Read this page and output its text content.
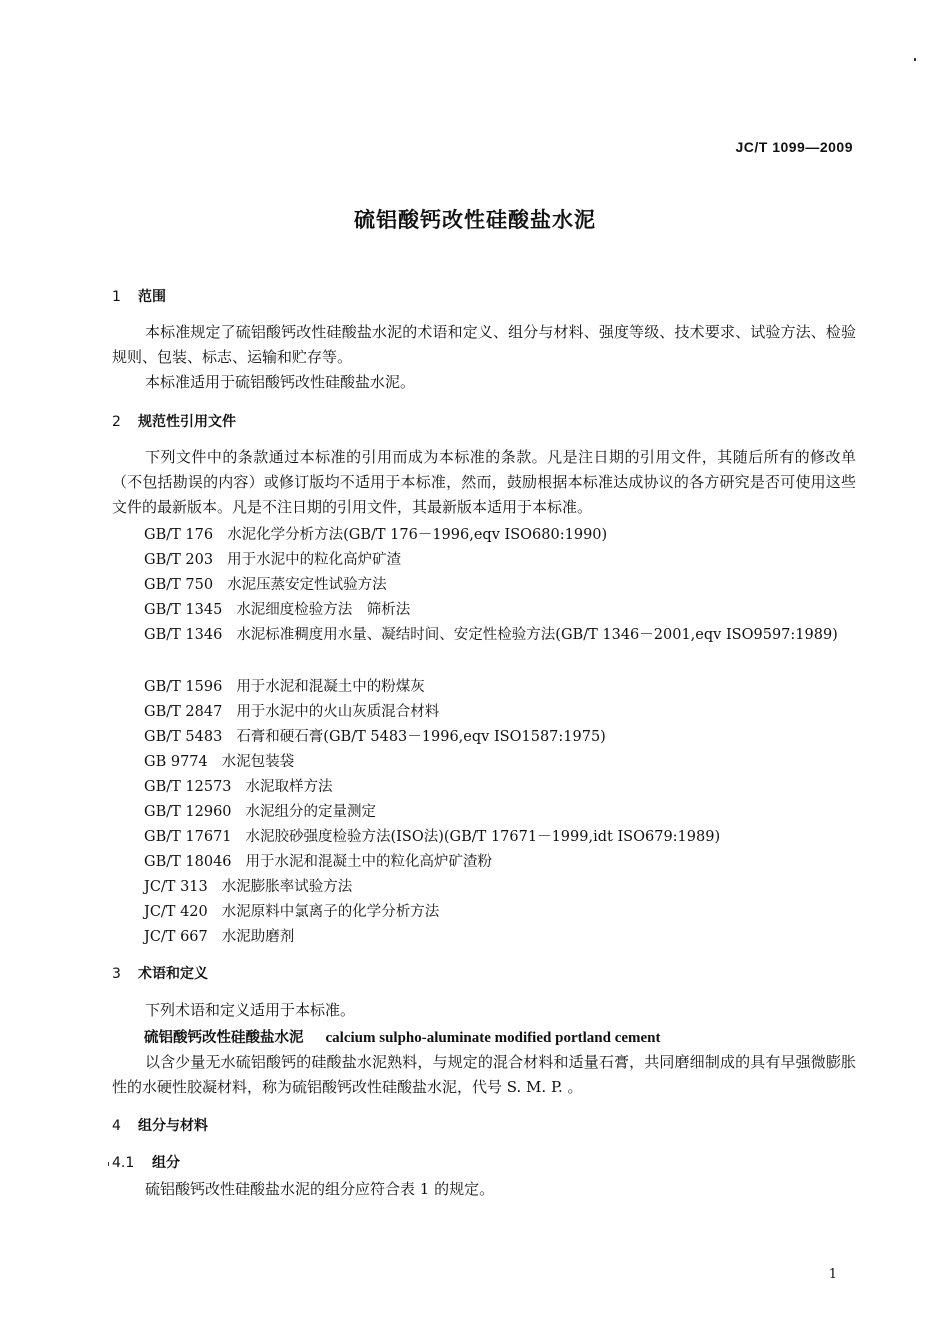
JC/T 1099—2009
硫铝酸钙改性硅酸盐水泥
1 范围
本标准规定了硫铝酸钙改性硅酸盐水泥的术语和定义、组分与材料、强度等级、技术要求、试验方法、检验规则、包装、标志、运输和贮存等。
本标准适用于硫铝酸钙改性硅酸盐水泥。
2 规范性引用文件
下列文件中的条款通过本标准的引用而成为本标准的条款。凡是注日期的引用文件，其随后所有的修改单（不包括勘误的内容）或修订版均不适用于本标准，然而，鼓励根据本标准达成协议的各方研究是否可使用这些文件的最新版本。凡是不注日期的引用文件，其最新版本适用于本标准。
GB/T 176 水泥化学分析方法(GB/T 176－1996,eqv ISO680:1990)
GB/T 203 用于水泥中的粒化高炉矿渣
GB/T 750 水泥压蒸安定性试验方法
GB/T 1345 水泥细度检验方法　筛析法
GB/T 1346 水泥标准稠度用水量、凝结时间、安定性检验方法(GB/T 1346－2001,eqv ISO9597:1989)
GB/T 1596 用于水泥和混凝土中的粉煤灰
GB/T 2847 用于水泥中的火山灰质混合材料
GB/T 5483 石膏和硬石膏(GB/T 5483－1996,eqv ISO1587:1975)
GB 9774 水泥包装袋
GB/T 12573 水泥取样方法
GB/T 12960 水泥组分的定量测定
GB/T 17671 水泥胶砂强度检验方法(ISO法)(GB/T 17671－1999,idt ISO679:1989)
GB/T 18046 用于水泥和混凝土中的粒化高炉矿渣粉
JC/T 313 水泥膨胀率试验方法
JC/T 420 水泥原料中氯离子的化学分析方法
JC/T 667 水泥助磨剂
3 术语和定义
下列术语和定义适用于本标准。
硫铝酸钙改性硅酸盐水泥 calcium sulpho-aluminate modified portland cement
以含少量无水硫铝酸钙的硅酸盐水泥熟料，与规定的混合材料和适量石膏，共同磨细制成的具有早强微膨胀性的水硬性胶凝材料，称为硫铝酸钙改性硅酸盐水泥，代号 S. M. P. 。
4 组分与材料
4.1 组分
硫铝酸钙改性硅酸盐水泥的组分应符合表 1 的规定。
1
